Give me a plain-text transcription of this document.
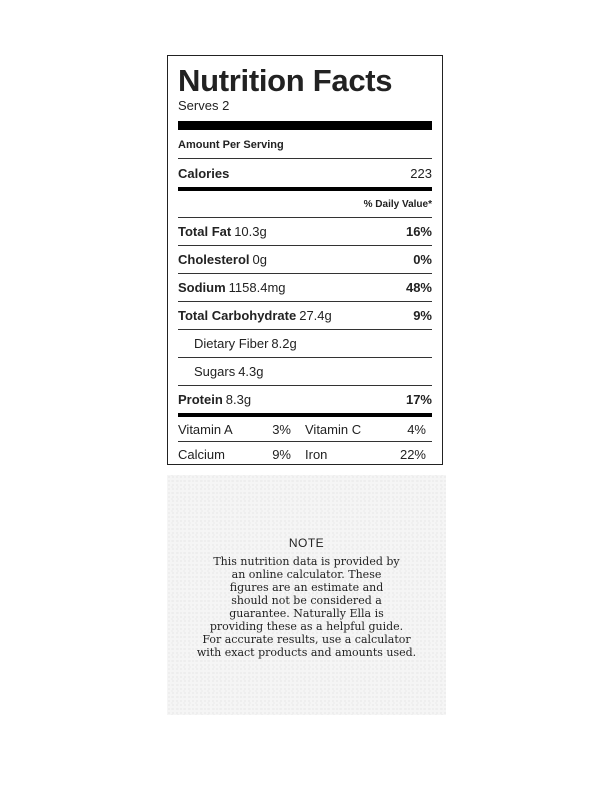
Nutrition Facts
Serves 2
Amount Per Serving
Calories	223
% Daily Value*
Total Fat 10.3g	16%
Cholesterol 0g	0%
Sodium 1158.4mg	48%
Total Carbohydrate 27.4g	9%
Dietary Fiber 8.2g
Sugars 4.3g
Protein 8.3g	17%
Vitamin A	3% Vitamin C	4%
Calcium	9% Iron	22%
NOTE
This nutrition data is provided by
an online calculator. These
figures are an estimate and
should not be considered a
guarantee. Naturally Ella is
providing these as a helpful guide.
For accurate results, use a calculator
with exact products and amounts used.
